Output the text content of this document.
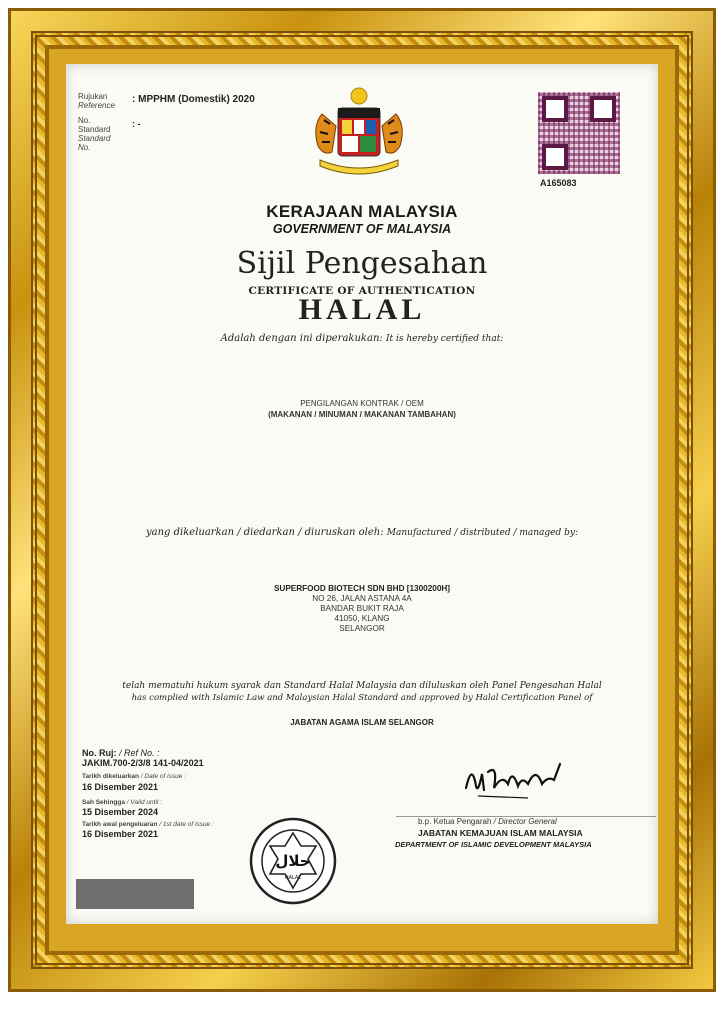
Rujukan
Reference
: MPPHM (Domestik) 2020
No.
Standard
Standard
No.
: -
A165083
KERAJAAN MALAYSIA
GOVERNMENT OF MALAYSIA
Sijil Pengesahan
CERTIFICATE OF AUTHENTICATION
HALAL
Adalah dengan ini diperakukan: It is hereby certified that:
PENGILANGAN KONTRAK / OEM
(MAKANAN / MINUMAN / MAKANAN TAMBAHAN)
yang dikeluarkan / diedarkan / diuruskan oleh: Manufactured / distributed / managed by:
SUPERFOOD BIOTECH SDN BHD [1300200H]
NO 26, JALAN ASTANA 4A
BANDAR BUKIT RAJA
41050, KLANG
SELANGOR
telah mematuhi hukum syarak dan Standard Halal Malaysia dan diluluskan oleh Panel Pengesahan Halal
has complied with Islamic Law and Malaysian Halal Standard and approved by Halal Certification Panel of
JABATAN AGAMA ISLAM SELANGOR
No. Ruj: / Ref No. :
JAKIM.700-2/3/8 141-04/2021
Tarikh dikeluarkan / Date of issue :
16 Disember 2021
Sah Sehingga / Valid until :
15 Disember 2024
Tarikh awal pengeluaran / 1st date of issue :
16 Disember 2021
حلال
HALAL
b.p. Ketua Pengarah / Director General
JABATAN KEMAJUAN ISLAM MALAYSIA
DEPARTMENT OF ISLAMIC DEVELOPMENT MALAYSIA
